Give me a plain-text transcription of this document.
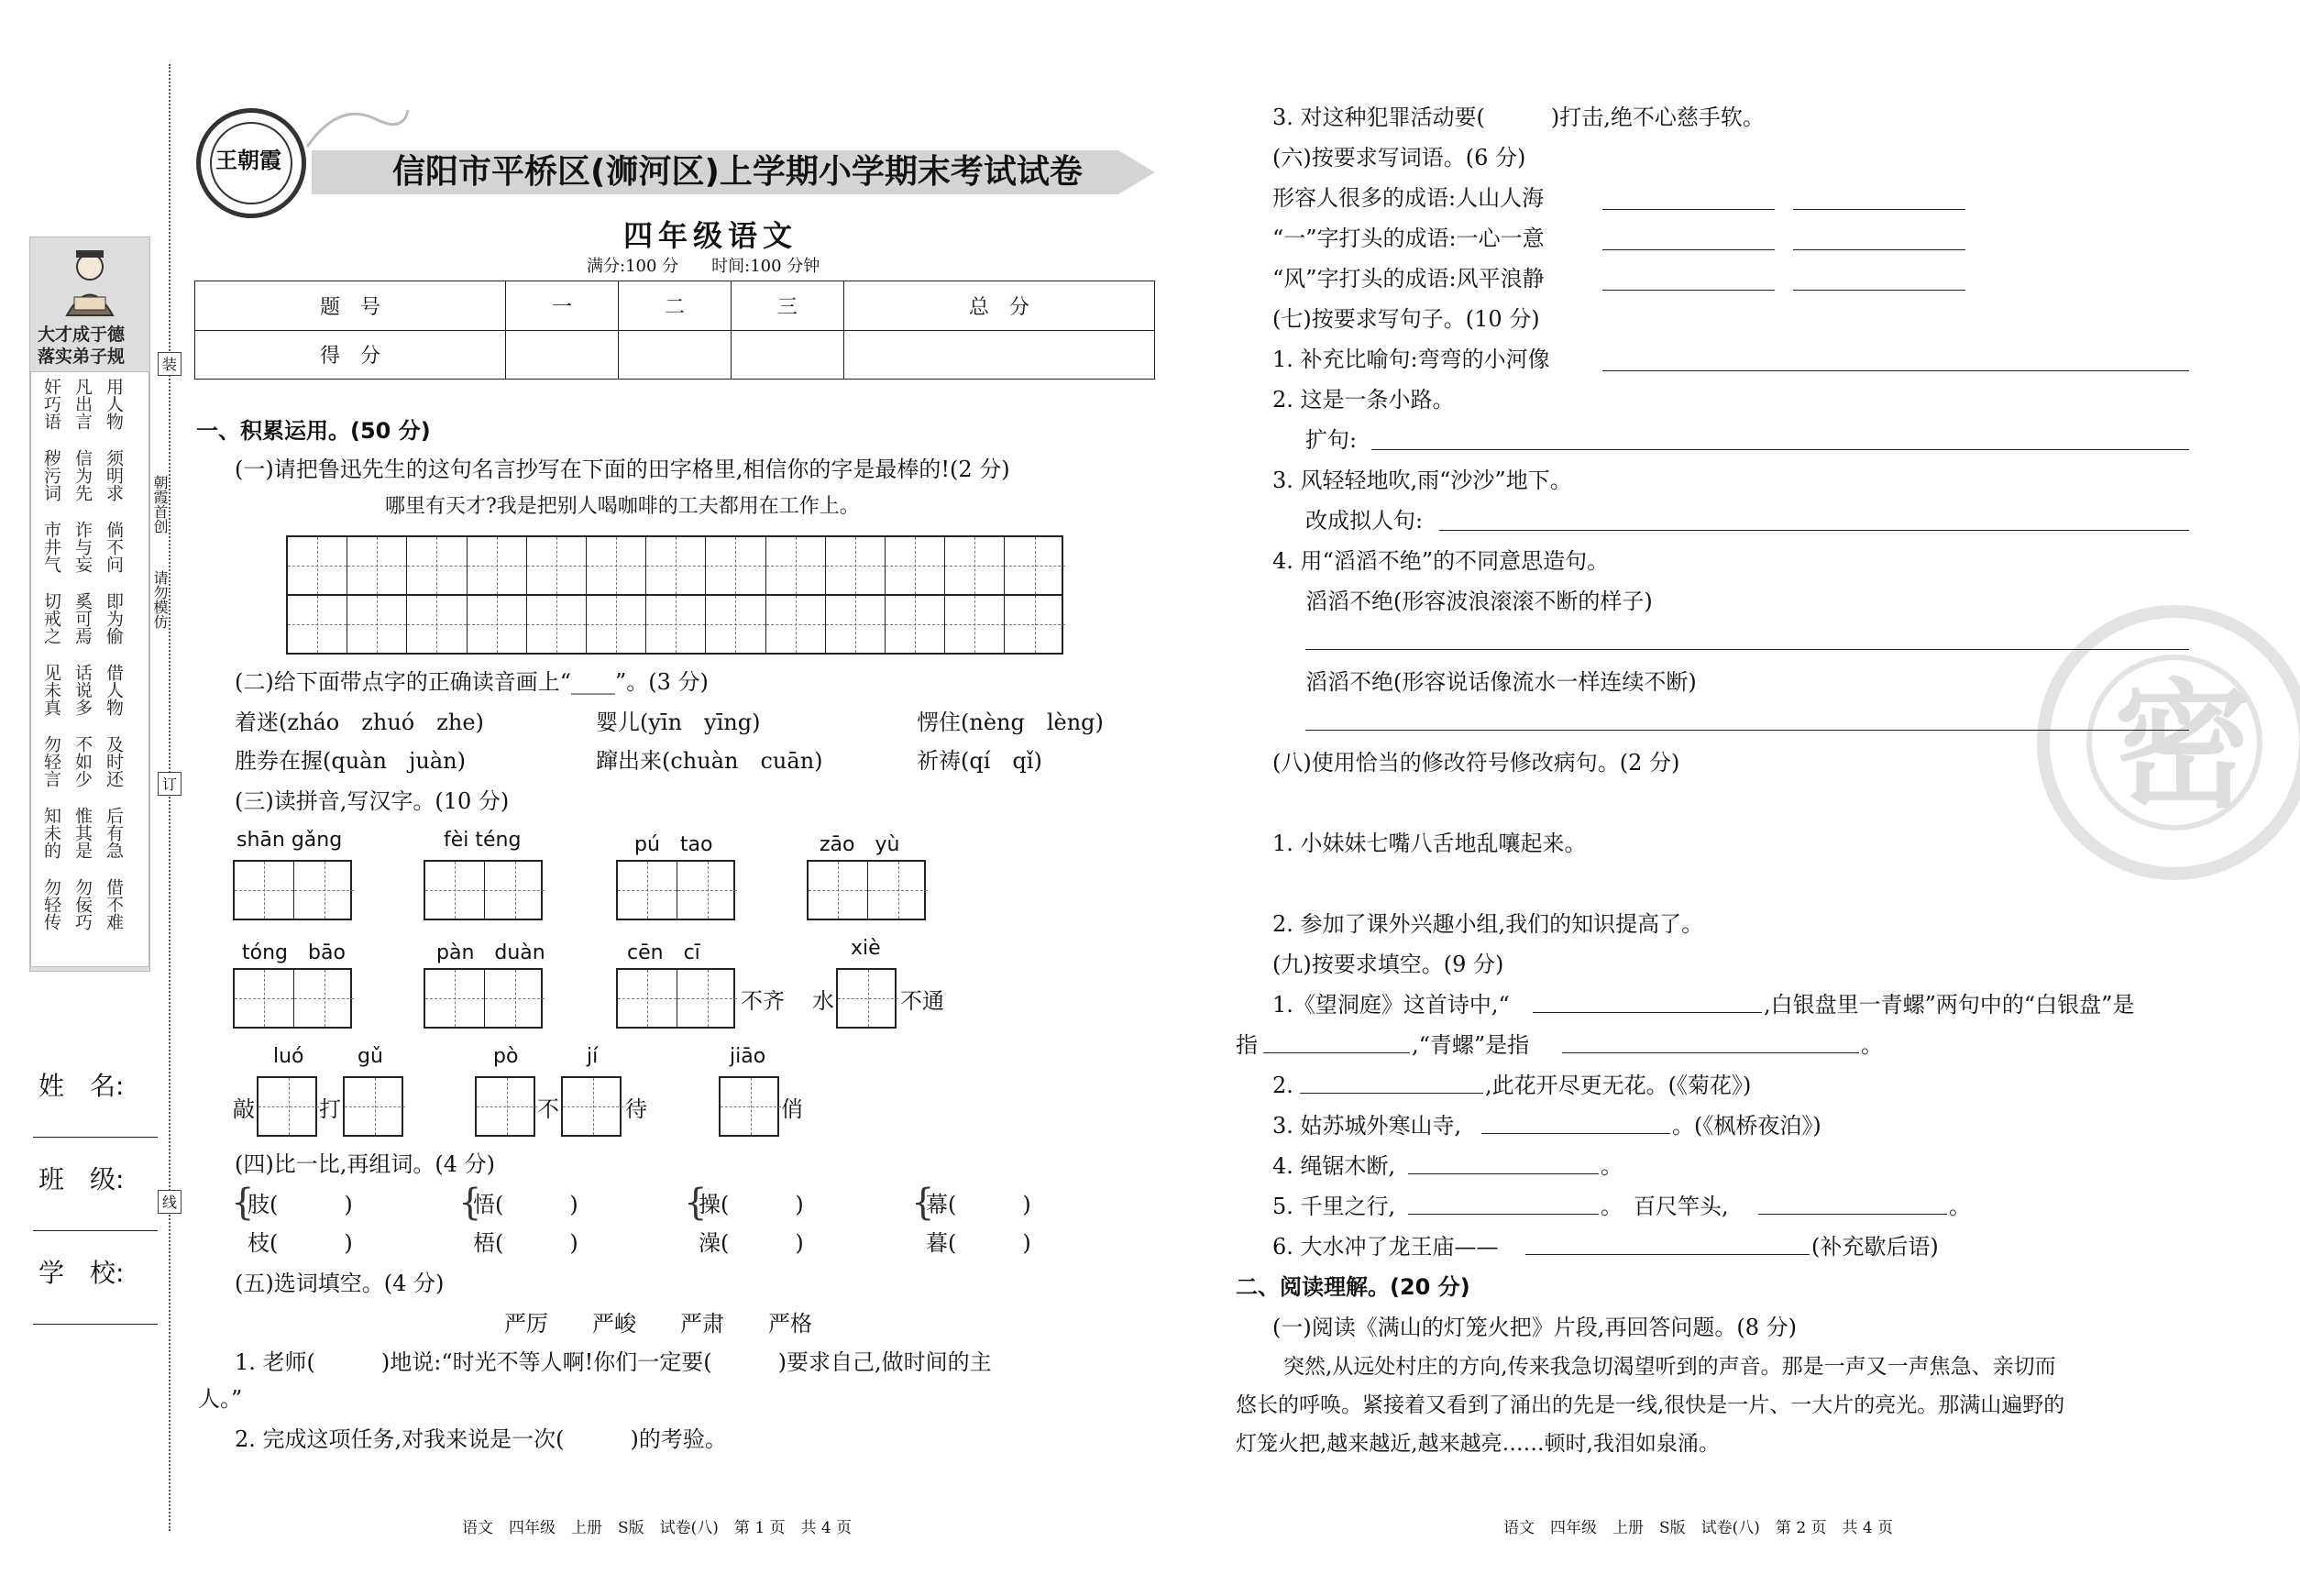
装
订
线
朝霞首创
请勿模仿
大才成于德
落实弟子规
奸巧语 凡出言 用人物
秽污词 信为先 须明求
市井气 诈与妄 倘不问
切戒之 奚可焉 即为偷
见未真 话说多 借人物
勿轻言 不如少 及时还
知未的 惟其是 后有急
勿轻传 勿佞巧 借不难
姓　名:
班　级:
学　校:
信阳市平桥区(浉河区)上学期小学期末考试试卷
王朝霞
四年级语文
满分:100 分　　时间:100 分钟
题　号	一	二	三	总　分
得　分				
一、积累运用。(50 分)
(一)请把鲁迅先生的这句名言抄写在下面的田字格里,相信你的字是最棒的!(2 分)
哪里有天才?我是把别人喝咖啡的工夫都用在工作上。
(二)给下面带点字的正确读音画上“____”。(3 分)
着迷(zháo　zhuó　zhe)	婴儿(yīn　yīng)	愣住(nèng　lèng)
胜券在握(quàn　juàn)	蹿出来(chuàn　cuān)	祈祷(qí　qǐ)
(三)读拼音,写汉字。(10 分)
shān gǎng	fèi téng	pú　tao	zāo　yù
tóng　bāo	pàn　duàn	cēn　cī	xiè
不齐 水	不通
luó	gǔ	pò	jí	jiāo
敲	打	不	待	俏
(四)比一比,再组词。(4 分)
{
肢(　　　)
枝(　　　)
{
悟(　　　)
梧(　　　)
{
操(　　　)
澡(　　　)
{
幕(　　　)
暮(　　　)
(五)选词填空。(4 分)
严厉　　严峻　　严肃　　严格
1. 老师(　　　)地说:“时光不等人啊!你们一定要(　　　)要求自己,做时间的主
人。”
2. 完成这项任务,对我来说是一次(　　　)的考验。
语文　四年级　上册　S版　试卷(八)　第 1 页　共 4 页
密
3. 对这种犯罪活动要(　　　)打击,绝不心慈手软。
(六)按要求写词语。(6 分)
形容人很多的成语:人山人海
“一”字打头的成语:一心一意
“风”字打头的成语:风平浪静
(七)按要求写句子。(10 分)
1. 补充比喻句:弯弯的小河像
2. 这是一条小路。
扩句:
3. 风轻轻地吹,雨“沙沙”地下。
改成拟人句:
4. 用“滔滔不绝”的不同意思造句。
滔滔不绝(形容波浪滚滚不断的样子)
滔滔不绝(形容说话像流水一样连续不断)
(八)使用恰当的修改符号修改病句。(2 分)
1. 小妹妹七嘴八舌地乱嚷起来。
2. 参加了课外兴趣小组,我们的知识提高了。
(九)按要求填空。(9 分)
1.《望洞庭》这首诗中,“	,白银盘里一青螺”两句中的“白银盘”是
指	,“青螺”是指	。
2.	,此花开尽更无花。(《菊花》)
3. 姑苏城外寒山寺,	。(《枫桥夜泊》)
4. 绳锯木断,	。
5. 千里之行,	。　百尺竿头,	。
6. 大水冲了龙王庙——	(补充歇后语)
二、阅读理解。(20 分)
(一)阅读《满山的灯笼火把》片段,再回答问题。(8 分)
突然,从远处村庄的方向,传来我急切渴望听到的声音。那是一声又一声焦急、亲切而
悠长的呼唤。紧接着又看到了涌出的先是一线,很快是一片、一大片的亮光。那满山遍野的
灯笼火把,越来越近,越来越亮……顿时,我泪如泉涌。
语文　四年级　上册　S版　试卷(八)　第 2 页　共 4 页
